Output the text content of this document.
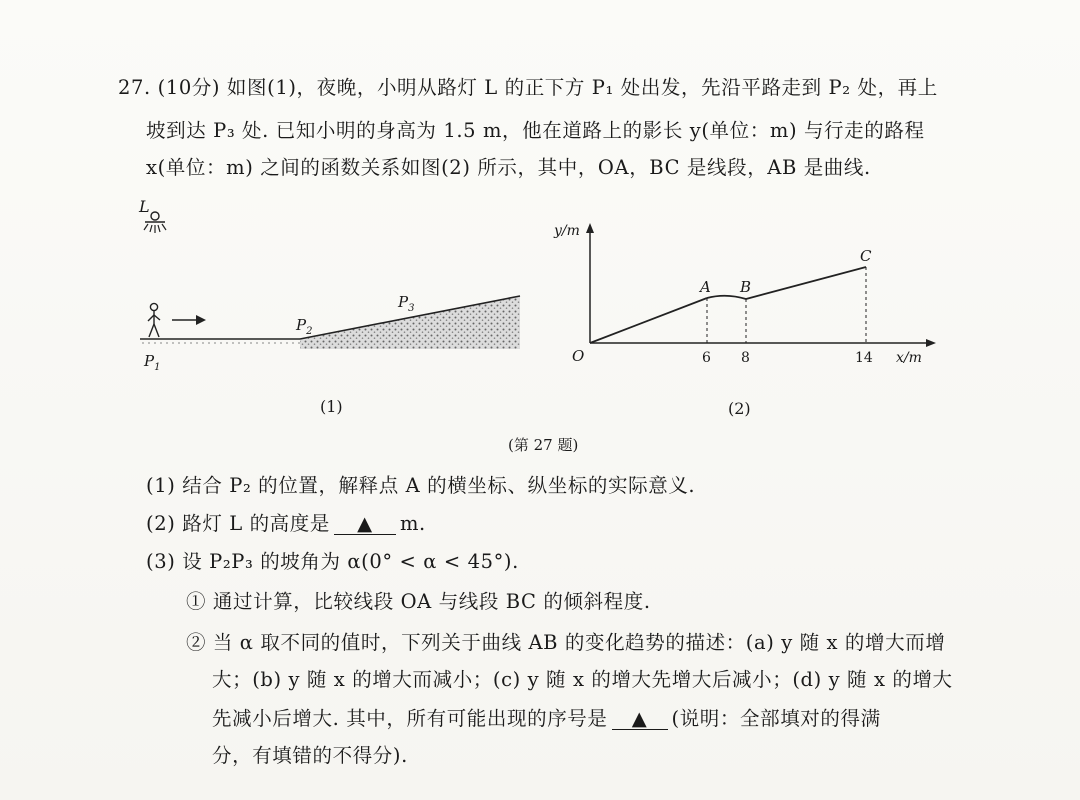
27. (10分) 如图(1)，夜晚，小明从路灯 L 的正下方 P₁ 处出发，先沿平路走到 P₂ 处，再上
坡到达 P₃ 处. 已知小明的身高为 1.5 m，他在道路上的影长 y(单位：m) 与行走的路程
x(单位：m) 之间的函数关系如图(2) 所示，其中，OA，BC 是线段，AB 是曲线.
L
$P_1$
$P_2$
$P_3$
(1)
y/m
x/m
O
A B
C
6 8	14
(2)
(第 27 题)
(1) 结合 P₂ 的位置，解释点 A 的横坐标、纵坐标的实际意义.
(2) 路灯 L 的高度是 ▲ m.
(3) 设 P₂P₃ 的坡角为 α(0° < α < 45°).
① 通过计算，比较线段 OA 与线段 BC 的倾斜程度.
② 当 α 取不同的值时，下列关于曲线 AB 的变化趋势的描述：(a) y 随 x 的增大而增
大；(b) y 随 x 的增大而减小；(c) y 随 x 的增大先增大后减小；(d) y 随 x 的增大
先减小后增大. 其中，所有可能出现的序号是 ▲ (说明：全部填对的得满
分，有填错的不得分).
